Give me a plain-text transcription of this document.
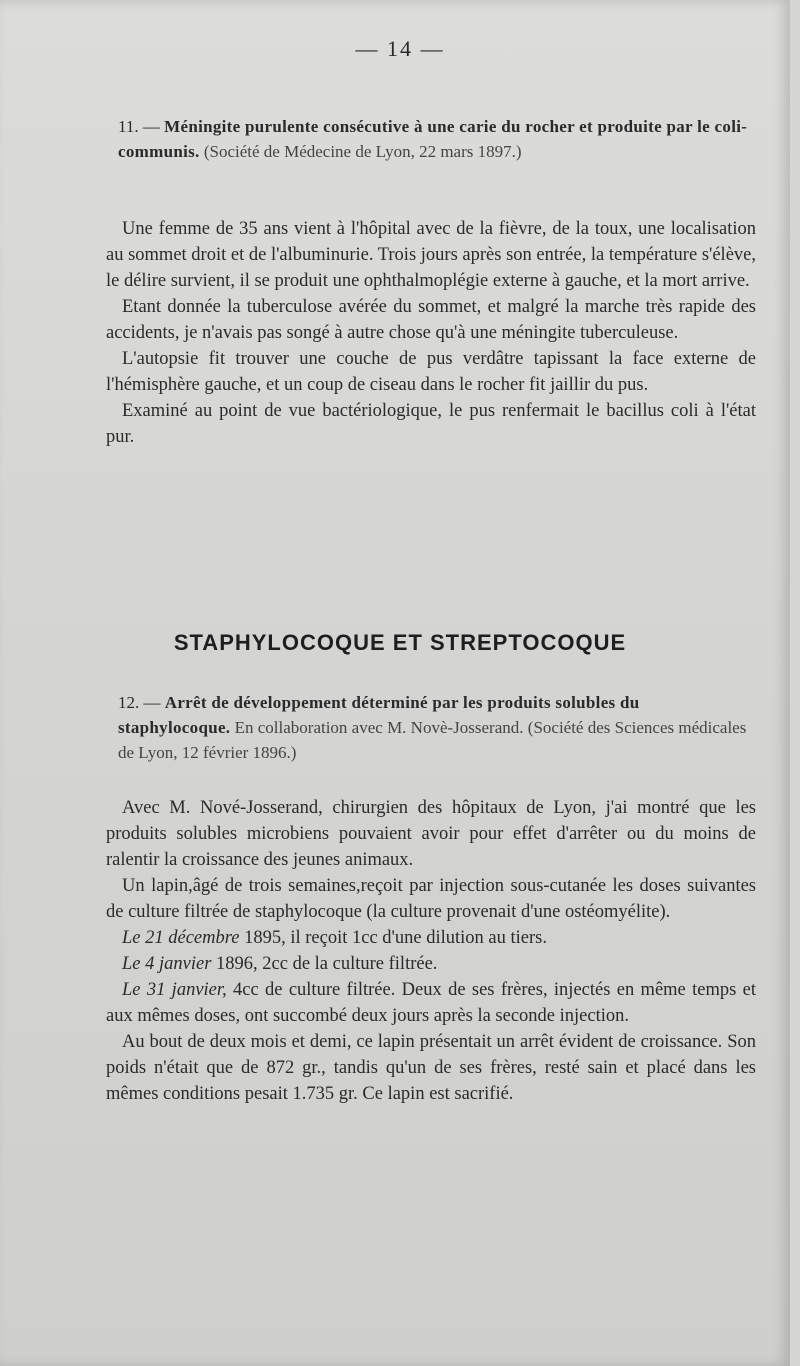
— 14 —
11. — Méningite purulente consécutive à une carie du rocher et produite par le coli-communis. (Société de Médecine de Lyon, 22 mars 1897.)

Une femme de 35 ans vient à l'hôpital avec de la fièvre, de la toux, une localisation au sommet droit et de l'albuminurie. Trois jours après son entrée, la température s'élève, le délire survient, il se produit une ophthalmoplégie externe à gauche, et la mort arrive.

Etant donnée la tuberculose avérée du sommet, et malgré la marche très rapide des accidents, je n'avais pas songé à autre chose qu'à une méningite tuberculeuse.

L'autopsie fit trouver une couche de pus verdâtre tapissant la face externe de l'hémisphère gauche, et un coup de ciseau dans le rocher fit jaillir du pus.

Examiné au point de vue bactériologique, le pus renfermait le bacillus coli à l'état pur.

STAPHYLOCOQUE ET STREPTOCOQUE
12. — Arrêt de développement déterminé par les produits solubles du staphylocoque. En collaboration avec M. Novè-Josserand. (Société des Sciences médicales de Lyon, 12 février 1896.)

Avec M. Nové-Josserand, chirurgien des hôpitaux de Lyon, j'ai montré que les produits solubles microbiens pouvaient avoir pour effet d'arrêter ou du moins de ralentir la croissance des jeunes animaux.

Un lapin,âgé de trois semaines,reçoit par injection sous-cutanée les doses suivantes de culture filtrée de staphylocoque (la culture provenait d'une ostéomyélite).

Le 21 décembre 1895, il reçoit 1cc d'une dilution au tiers.

Le 4 janvier 1896, 2cc de la culture filtrée.

Le 31 janvier, 4cc de culture filtrée. Deux de ses frères, injectés en même temps et aux mêmes doses, ont succombé deux jours après la seconde injection.

Au bout de deux mois et demi, ce lapin présentait un arrêt évident de croissance. Son poids n'était que de 872 gr., tandis qu'un de ses frères, resté sain et placé dans les mêmes conditions pesait 1.735 gr. Ce lapin est sacrifié.
